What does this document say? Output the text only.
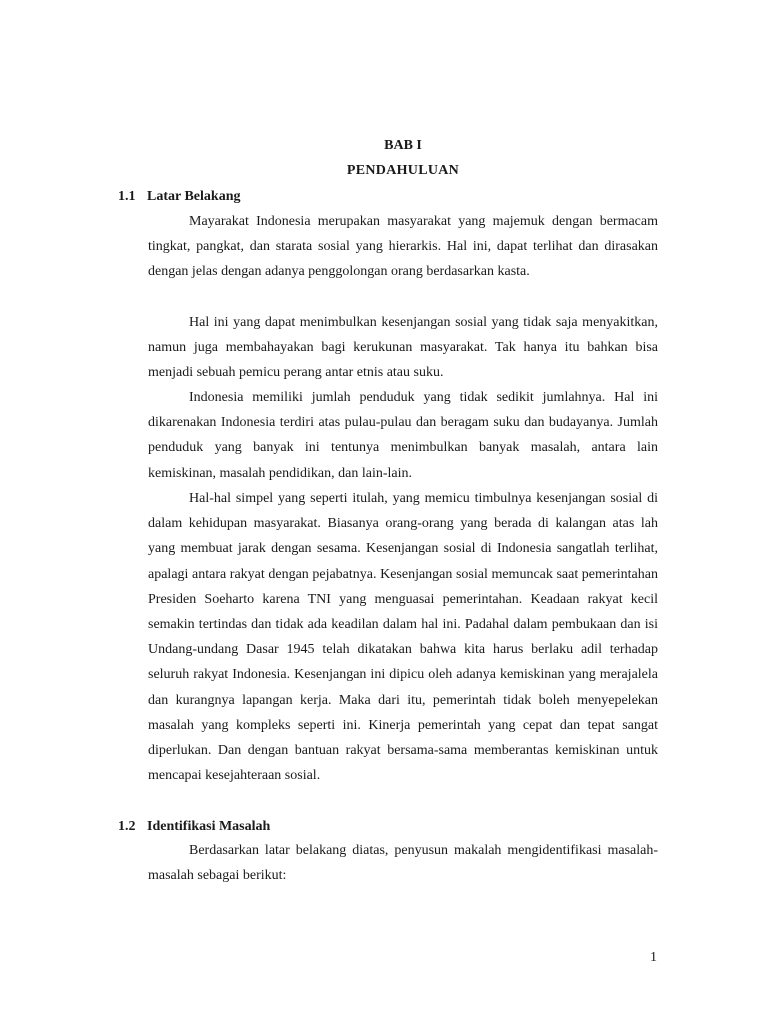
BAB I
PENDAHULUAN
1.1 Latar Belakang

Mayarakat Indonesia merupakan masyarakat yang majemuk dengan bermacam tingkat, pangkat, dan starata sosial yang hierarkis. Hal ini, dapat terlihat dan dirasakan dengan jelas dengan adanya penggolongan orang berdasarkan kasta.

Hal ini yang dapat menimbulkan kesenjangan sosial yang tidak saja menyakitkan, namun juga membahayakan bagi kerukunan masyarakat. Tak hanya itu bahkan bisa menjadi sebuah pemicu perang antar etnis atau suku.

Indonesia memiliki jumlah penduduk yang tidak sedikit jumlahnya. Hal ini dikarenakan Indonesia terdiri atas pulau-pulau dan beragam suku dan budayanya. Jumlah penduduk yang banyak ini tentunya menimbulkan banyak masalah, antara lain kemiskinan, masalah pendidikan, dan lain-lain.

Hal-hal simpel yang seperti itulah, yang memicu timbulnya kesenjangan sosial di dalam kehidupan masyarakat. Biasanya orang-orang yang berada di kalangan atas lah yang membuat jarak dengan sesama. Kesenjangan sosial di Indonesia sangatlah terlihat, apalagi antara rakyat dengan pejabatnya. Kesenjangan sosial memuncak saat pemerintahan Presiden Soeharto karena TNI yang menguasai pemerintahan. Keadaan rakyat kecil semakin tertindas dan tidak ada keadilan dalam hal ini. Padahal dalam pembukaan dan isi Undang-undang Dasar 1945 telah dikatakan bahwa kita harus berlaku adil terhadap seluruh rakyat Indonesia. Kesenjangan ini dipicu oleh adanya kemiskinan yang merajalela dan kurangnya lapangan kerja. Maka dari itu, pemerintah tidak boleh menyepelekan masalah yang kompleks seperti ini. Kinerja pemerintah yang cepat dan tepat sangat diperlukan. Dan dengan bantuan rakyat bersama-sama memberantas kemiskinan untuk mencapai kesejahteraan sosial.

1.2 Identifikasi Masalah

Berdasarkan latar belakang diatas, penyusun makalah mengidentifikasi masalah-masalah sebagai berikut:

1
